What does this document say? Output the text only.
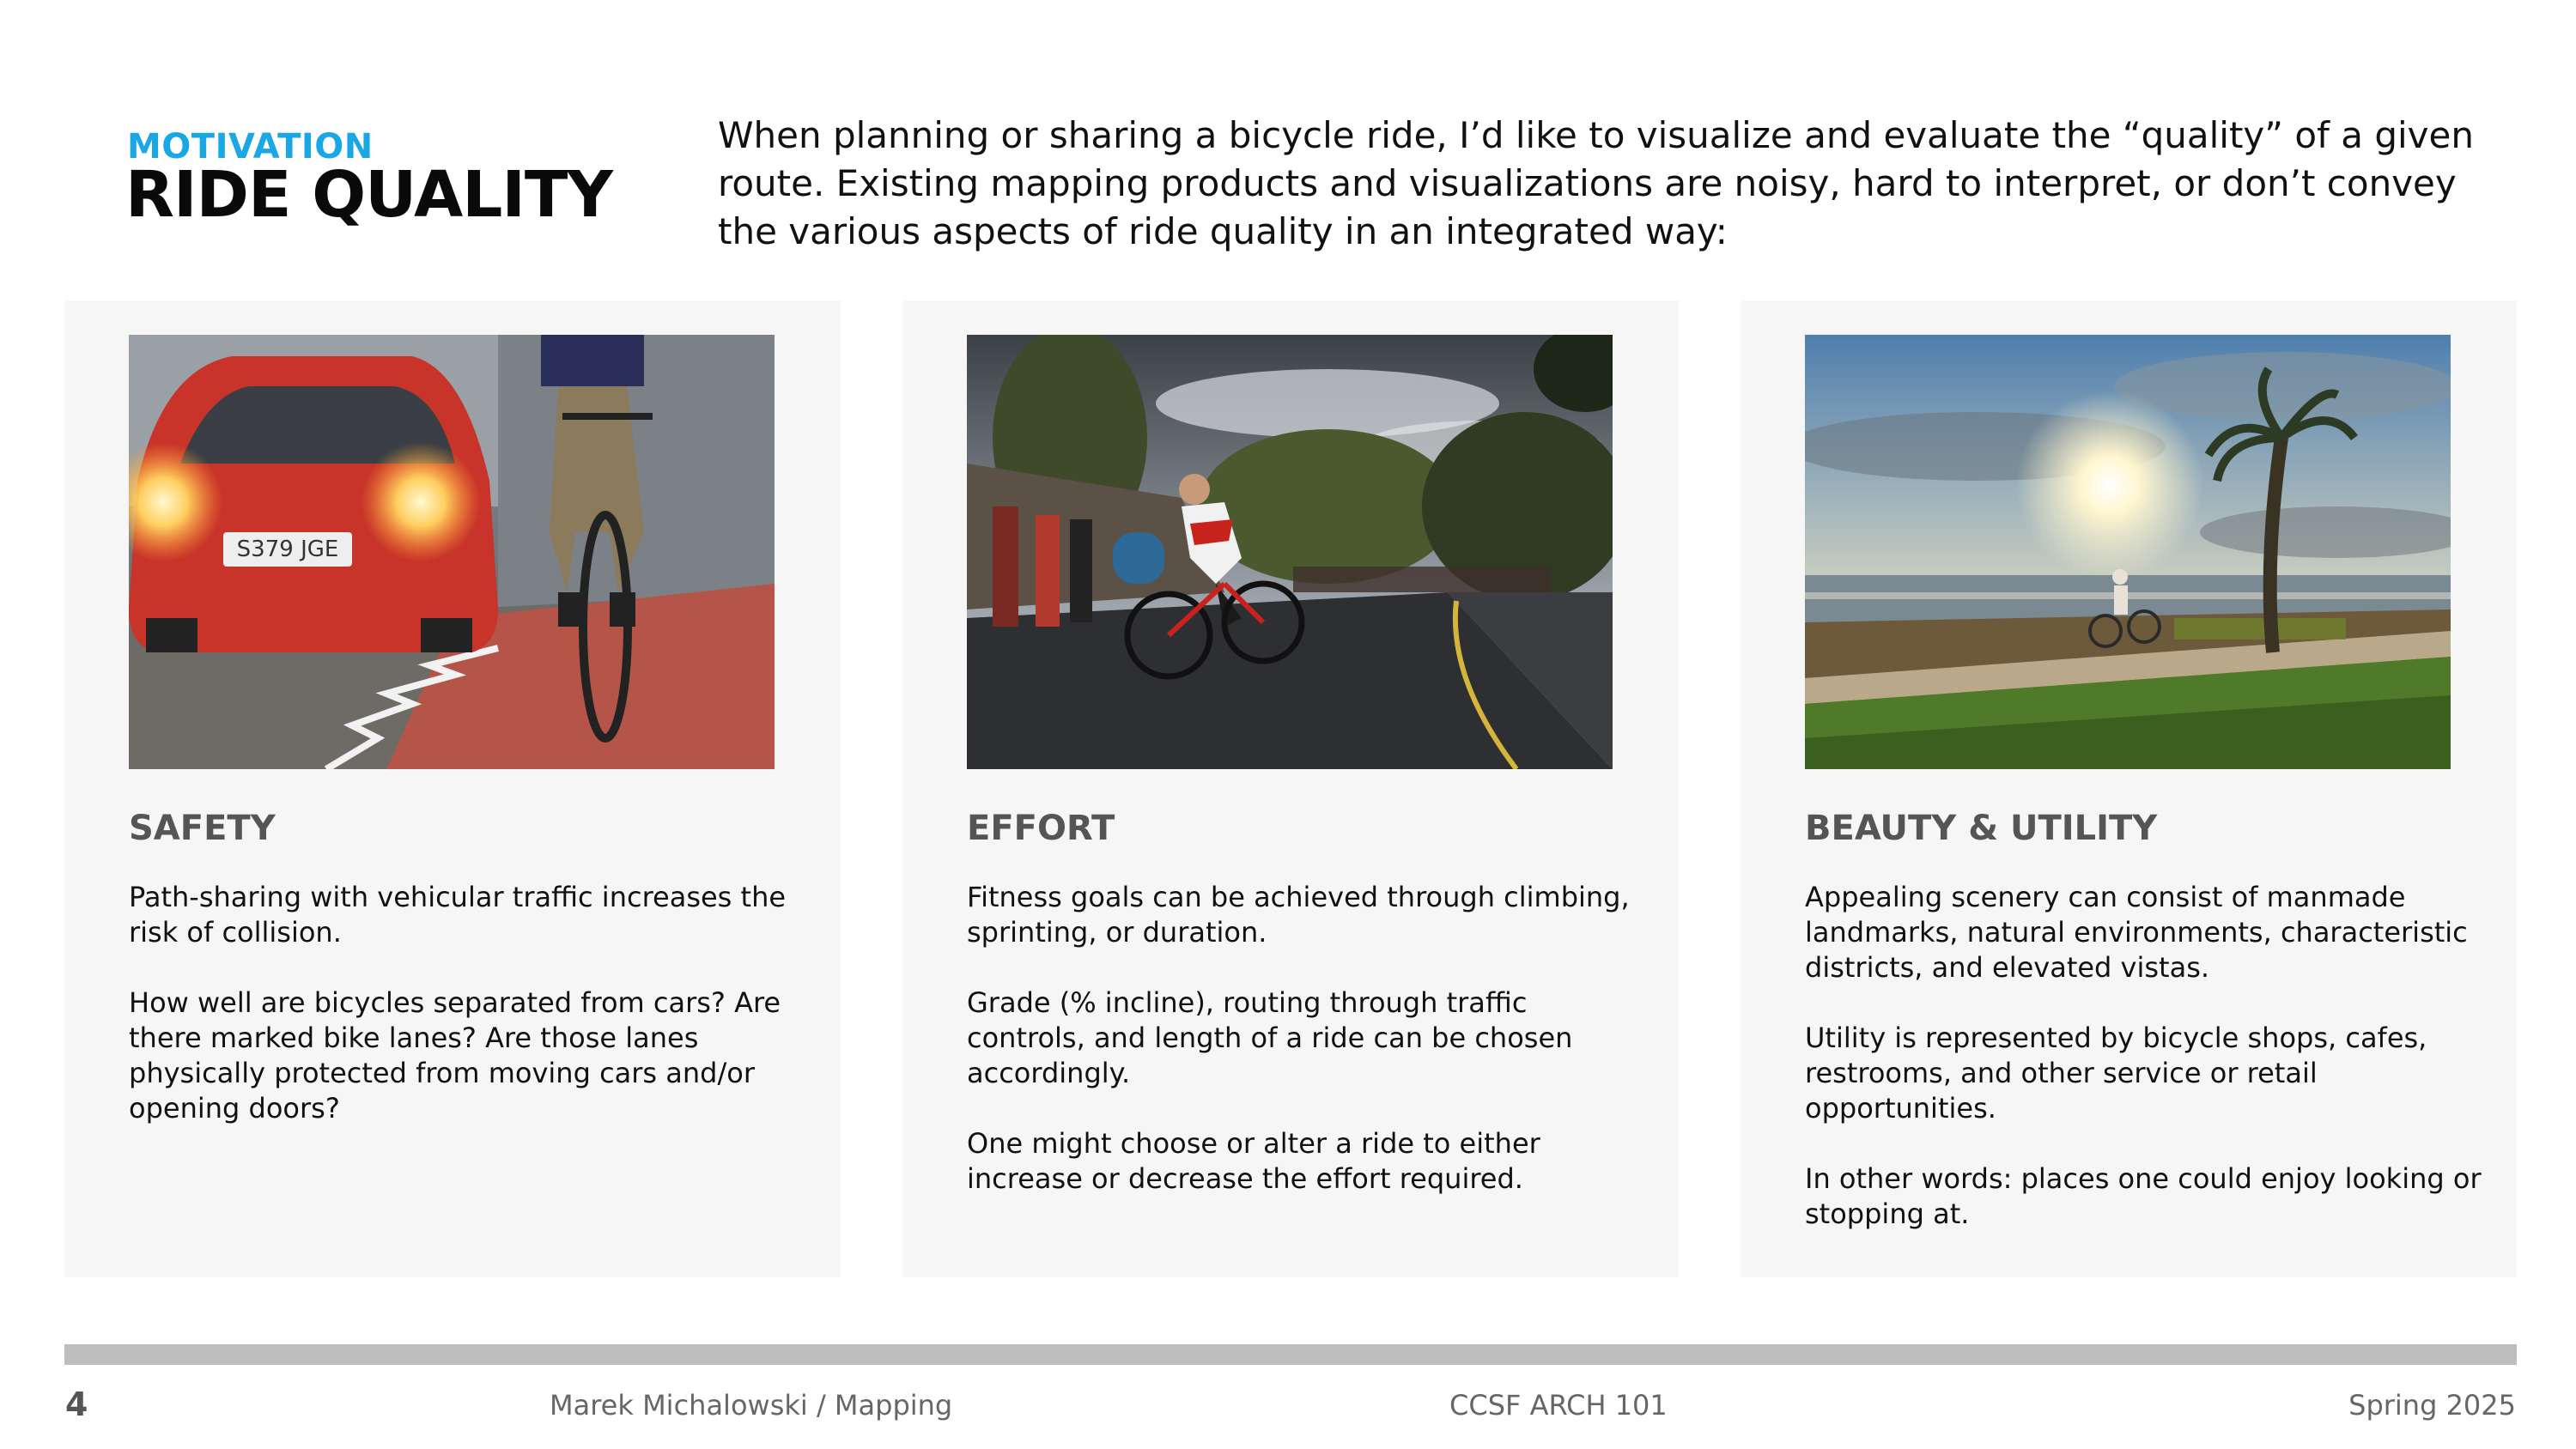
MOTIVATION
RIDE QUALITY
When planning or sharing a bicycle ride, I’d like to visualize and evaluate the “quality” of a given route. Existing mapping products and visualizations are noisy, hard to interpret, or don’t convey the various aspects of ride quality in an integrated way:
S379 JGE
SAFETY

Path-sharing with vehicular traffic increases the risk of collision.

How well are bicycles separated from cars? Are there marked bike lanes? Are those lanes physically protected from moving cars and/or opening doors?

EFFORT

Fitness goals can be achieved through climbing, sprinting, or duration.

Grade (% incline), routing through traffic controls, and length of a ride can be chosen accordingly.

One might choose or alter a ride to either increase or decrease the effort required.

BEAUTY & UTILITY

Appealing scenery can consist of manmade landmarks, natural environments, characteristic districts, and elevated vistas.

Utility is represented by bicycle shops, cafes, restrooms, and other service or retail opportunities.

In other words: places one could enjoy looking or stopping at.

4	Marek Michalowski / Mapping	CCSF ARCH 101	Spring 2025
